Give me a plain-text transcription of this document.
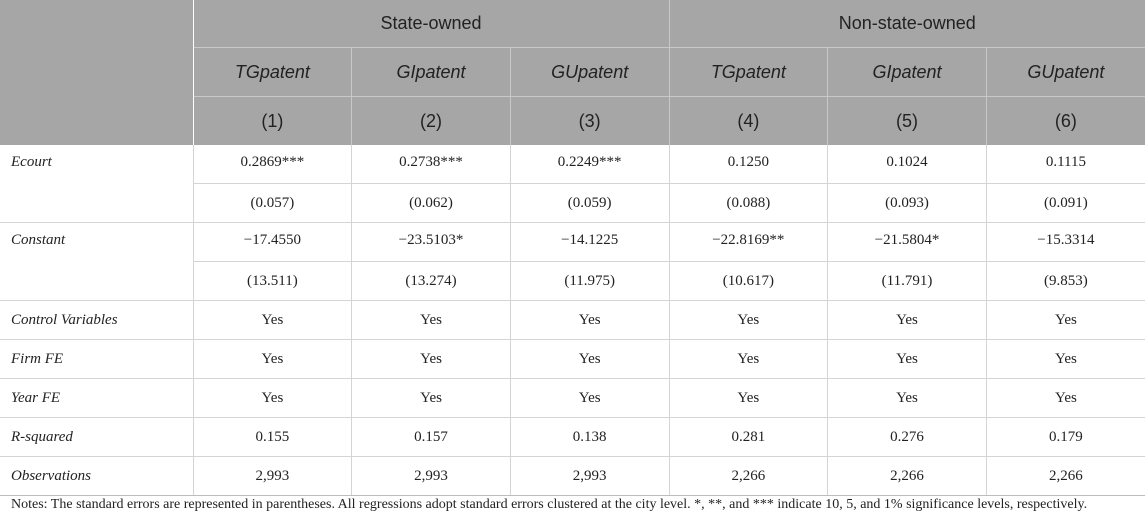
	State-owned			Non-state-owned		
	TGpatent	GIpatent	GUpatent	TGpatent	GIpatent	GUpatent
	(1)	(2)	(3)	(4)	(5)	(6)
Ecourt	0.2869***	0.2738***	0.2249***	0.1250	0.1024	0.1115
	(0.057)	(0.062)	(0.059)	(0.088)	(0.093)	(0.091)
Constant	−17.4550	−23.5103*	−14.1225	−22.8169**	−21.5804*	−15.3314
	(13.511)	(13.274)	(11.975)	(10.617)	(11.791)	(9.853)
Control Variables	Yes	Yes	Yes	Yes	Yes	Yes
Firm FE	Yes	Yes	Yes	Yes	Yes	Yes
Year FE	Yes	Yes	Yes	Yes	Yes	Yes
R-squared	0.155	0.157	0.138	0.281	0.276	0.179
Observations	2,993	2,993	2,993	2,266	2,266	2,266
Notes: The standard errors are represented in parentheses. All regressions adopt standard errors clustered at the city level. *, **, and *** indicate 10, 5, and 1% significance levels, respectively.
